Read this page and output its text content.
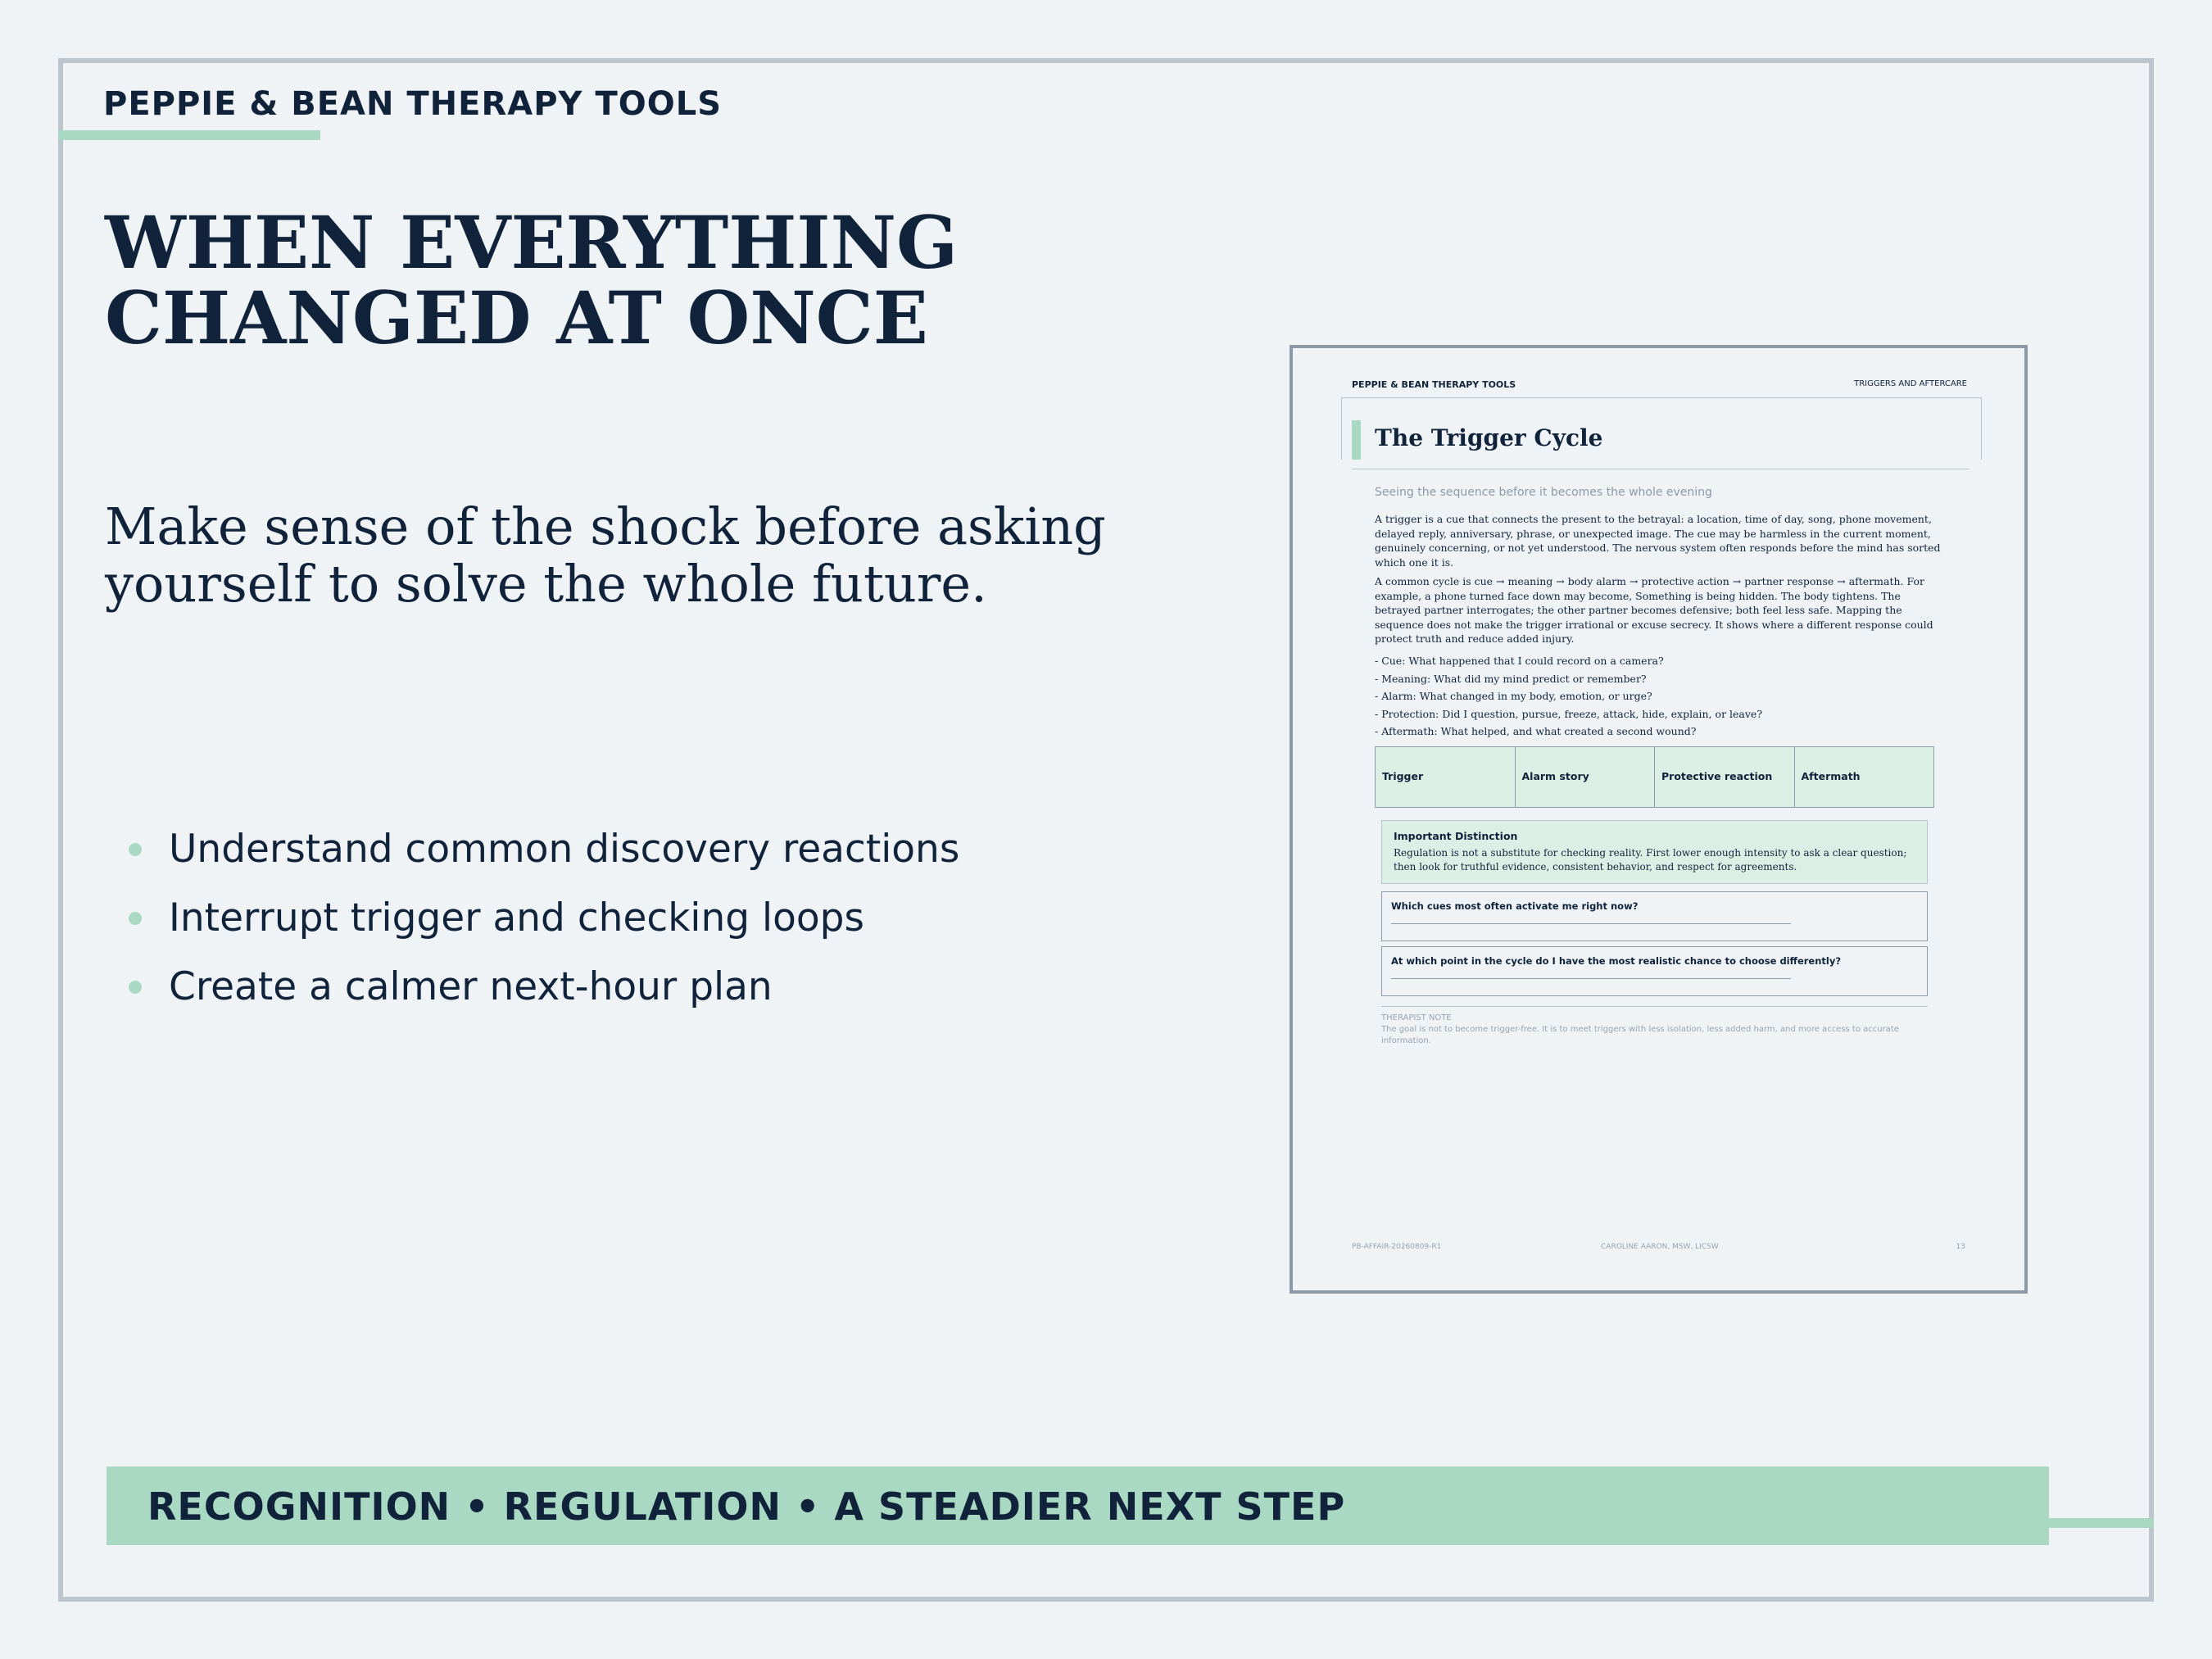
PEPPIE & BEAN THERAPY TOOLS
WHEN EVERYTHING
CHANGED AT ONCE
Make sense of the shock before asking
yourself to solve the whole future.
Understand common discovery reactions
Interrupt trigger and checking loops
Create a calmer next-hour plan
PEPPIE & BEAN THERAPY TOOLS	TRIGGERS AND AFTERCARE
The Trigger Cycle
Seeing the sequence before it becomes the whole evening
A trigger is a cue that connects the present to the betrayal: a location, time of day, song, phone movement, delayed reply, anniversary, phrase, or unexpected image. The cue may be harmless in the current moment, genuinely concerning, or not yet understood. The nervous system often responds before the mind has sorted which one it is.
A common cycle is cue → meaning → body alarm → protective action → partner response → aftermath. For example, a phone turned face down may become, Something is being hidden. The body tightens. The betrayed partner interrogates; the other partner becomes defensive; both feel less safe. Mapping the sequence does not make the trigger irrational or excuse secrecy. It shows where a different response could protect truth and reduce added injury.
- Cue: What happened that I could record on a camera?
- Meaning: What did my mind predict or remember?
- Alarm: What changed in my body, emotion, or urge?
- Protection: Did I question, pursue, freeze, attack, hide, explain, or leave?
- Aftermath: What helped, and what created a second wound?
Trigger	Alarm story	Protective reaction	Aftermath
Important Distinction
Regulation is not a substitute for checking reality. First lower enough intensity to ask a clear question; then look for truthful evidence, consistent behavior, and respect for agreements.
Which cues most often activate me right now?
At which point in the cycle do I have the most realistic chance to choose differently?
THERAPIST NOTE
The goal is not to become trigger-free. It is to meet triggers with less isolation, less added harm, and more access to accurate information.
PB-AFFAIR-20260809-R1	CAROLINE AARON, MSW, LICSW	13
RECOGNITION • REGULATION • A STEADIER NEXT STEP
